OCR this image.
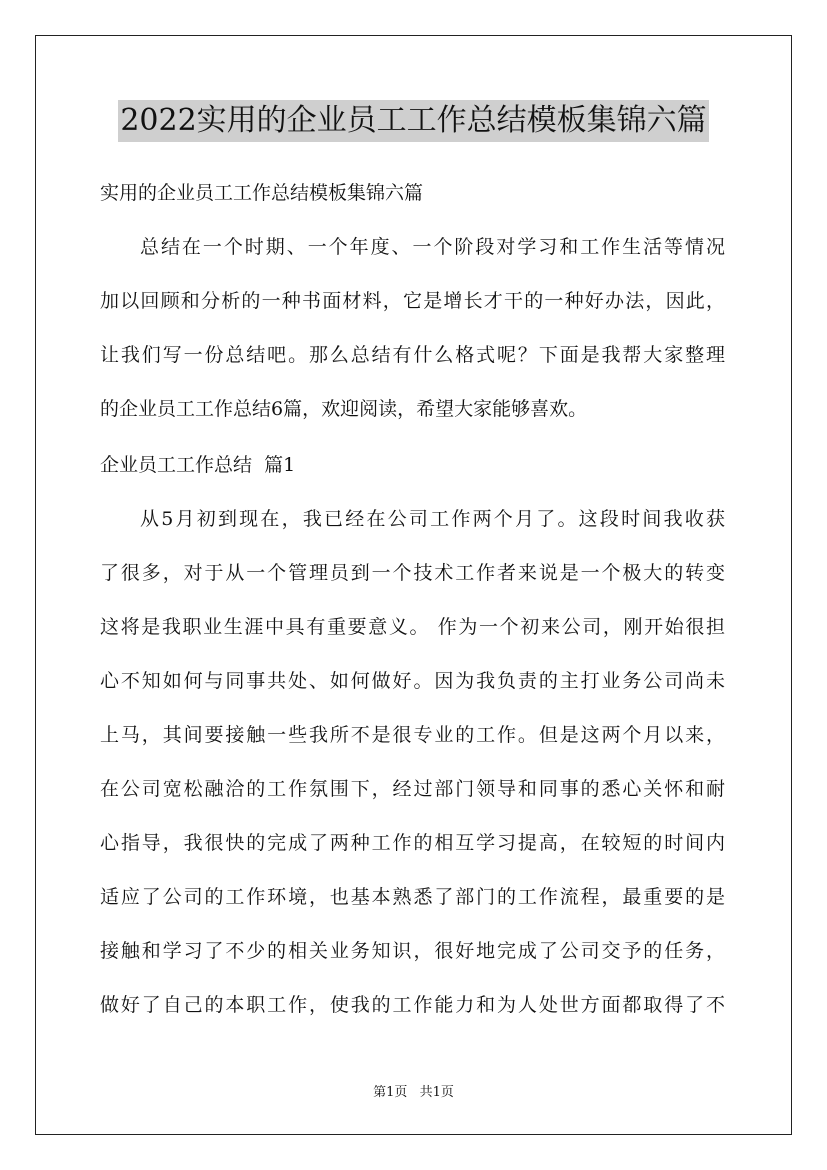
2022实用的企业员工工作总结模板集锦六篇
实用的企业员工工作总结模板集锦六篇
总结在一个时期、一个年度、一个阶段对学习和工作生活等情况
加以回顾和分析的一种书面材料，它是增长才干的一种好办法，因此，
让我们写一份总结吧。那么总结有什么格式呢？下面是我帮大家整理
的企业员工工作总结6篇，欢迎阅读，希望大家能够喜欢。
企业员工工作总结  篇1
从5月初到现在，我已经在公司工作两个月了。这段时间我收获
了很多，对于从一个管理员到一个技术工作者来说是一个极大的转变
这将是我职业生涯中具有重要意义。 作为一个初来公司，刚开始很担
心不知如何与同事共处、如何做好。因为我负责的主打业务公司尚未
上马，其间要接触一些我所不是很专业的工作。但是这两个月以来，
在公司宽松融洽的工作氛围下，经过部门领导和同事的悉心关怀和耐
心指导，我很快的完成了两种工作的相互学习提高，在较短的时间内
适应了公司的工作环境，也基本熟悉了部门的工作流程，最重要的是
接触和学习了不少的相关业务知识，很好地完成了公司交予的任务，
做好了自己的本职工作，使我的工作能力和为人处世方面都取得了不
第1页 共1页
